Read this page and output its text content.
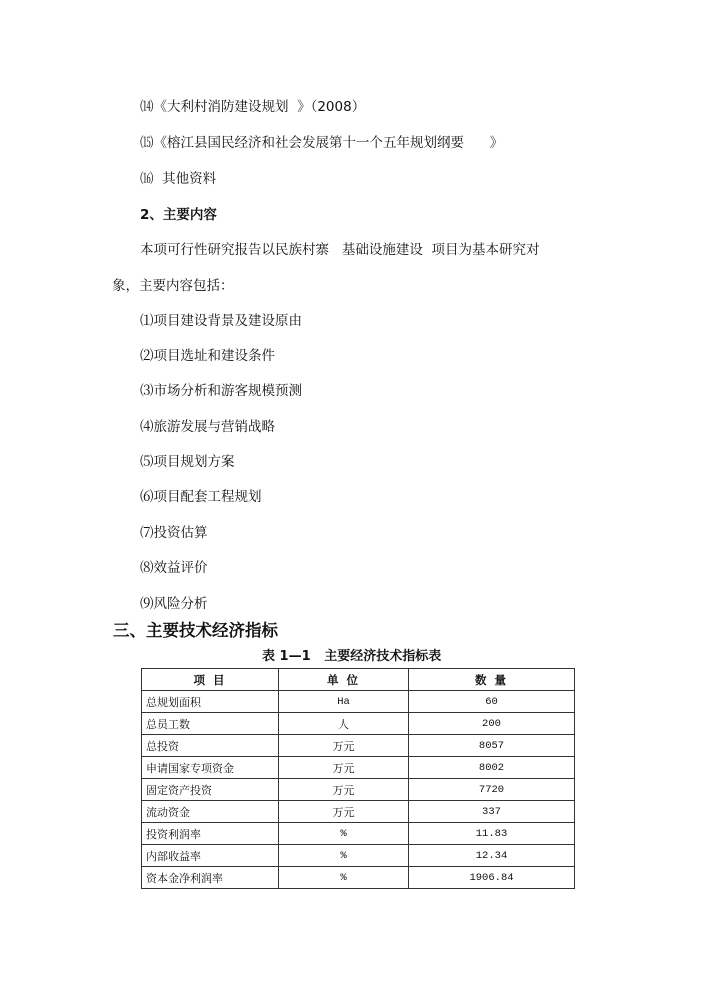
⒁《大利村消防建设规划  》（2008）
⒂《榕江县国民经济和社会发展第十一个五年规划纲要      》
⒃  其他资料
2、主要内容
本项可行性研究报告以民族村寨   基础设施建设  项目为基本研究对
象，主要内容包括：
⑴项目建设背景及建设原由
⑵项目选址和建设条件
⑶市场分析和游客规模预测
⑷旅游发展与营销战略
⑸项目规划方案
⑹项目配套工程规划
⑺投资估算
⑻效益评价
⑼风险分析
三、主要技术经济指标
表 1—1   主要经济技术指标表
项 目	单 位	数 量
总规划面积	Ha	60
总员工数	人	200
总投资	万元	8057
申请国家专项资金	万元	8002
固定资产投资	万元	7720
流动资金	万元	337
投资利润率	%	11.83
内部收益率	%	12.34
资本金净利润率	%	1906.84
